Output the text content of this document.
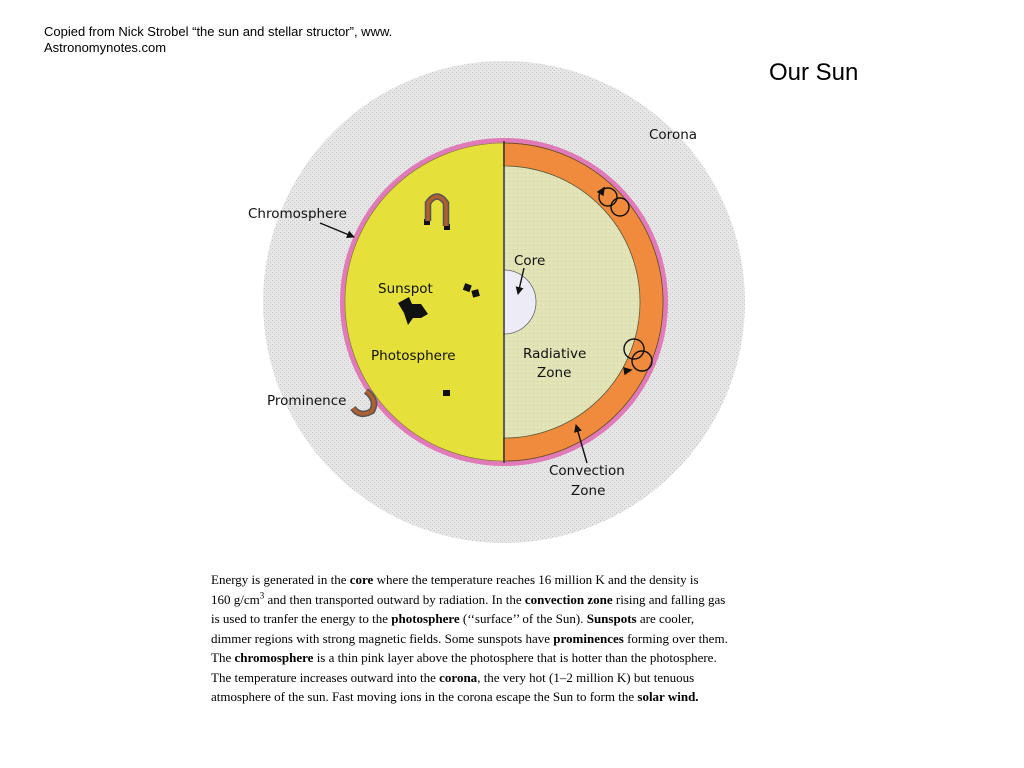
Copied from Nick Strobel “the sun and stellar structor”, www.
Astronomynotes.com
Our Sun
Corona
Chromosphere
Sunspot
Photosphere
Prominence
Core
Radiative
Zone
Convection
Zone
Energy is generated in the core where the temperature reaches 16 million K and the density is
160 $g/cm^3$ and then transported outward by radiation. In the convection zone rising and falling gas
is used to tranfer the energy to the photosphere (‘‘surface’’ of the Sun). Sunspots are cooler,
dimmer regions with strong magnetic fields. Some sunspots have prominences forming over them.
The chromosphere is a thin pink layer above the photosphere that is hotter than the photosphere.
The temperature increases outward into the corona, the very hot (1–2 million K) but tenuous
atmosphere of the sun. Fast moving ions in the corona escape the Sun to form the solar wind.
